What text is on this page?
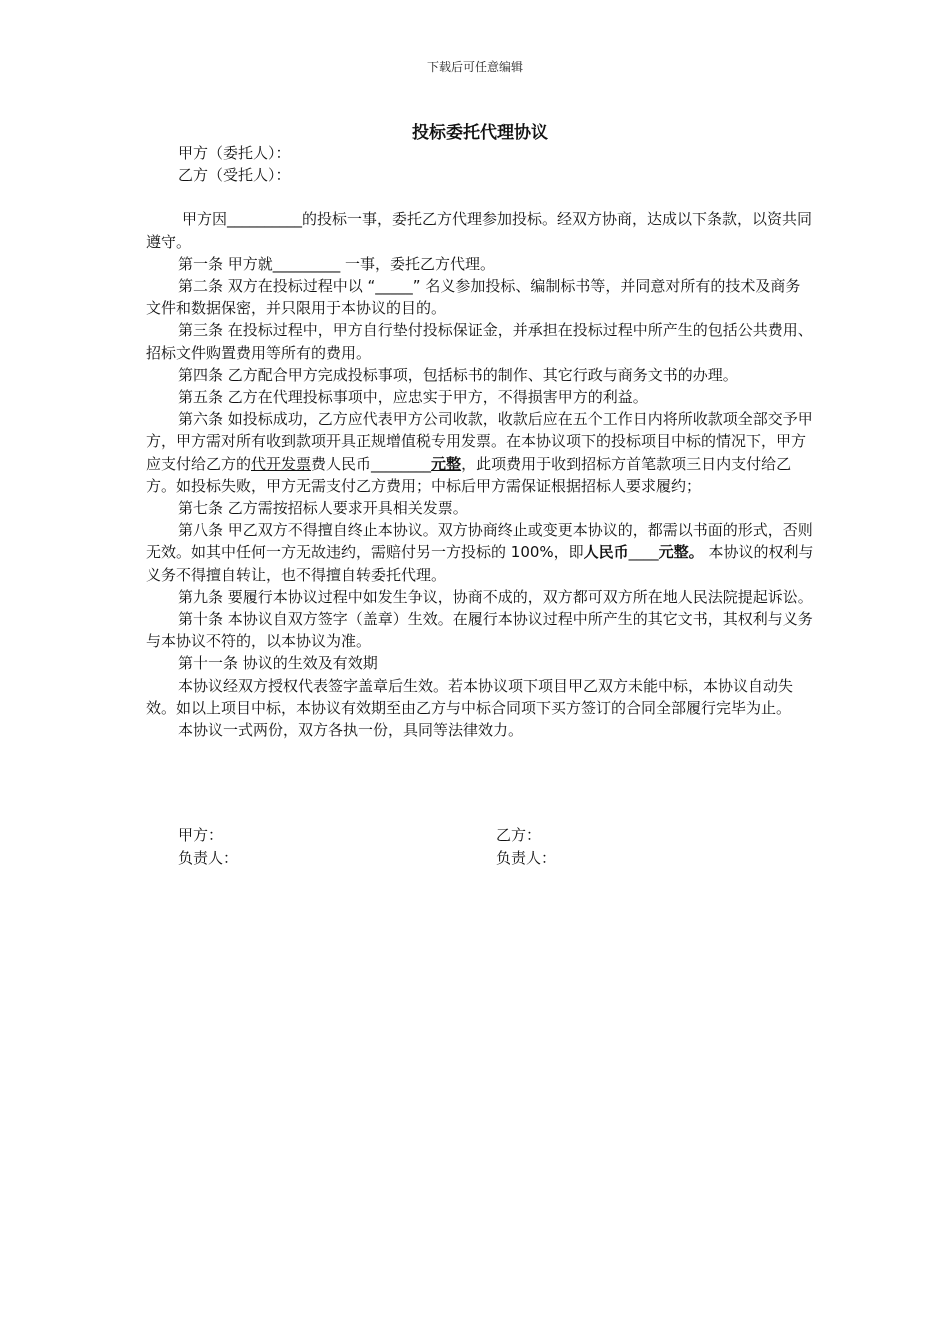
下载后可任意编辑
投标委托代理协议

甲方（委托人）：

乙方（受托人）：

甲方因__________的投标一事，委托乙方代理参加投标。经双方协商，达成以下条款，以资共同遵守。

第一条 甲方就_________ 一事，委托乙方代理。

第二条 双方在投标过程中以 “_____” 名义参加投标、编制标书等，并同意对所有的技术及商务文件和数据保密，并只限用于本协议的目的。

第三条 在投标过程中，甲方自行垫付投标保证金，并承担在投标过程中所产生的包括公共费用、招标文件购置费用等所有的费用。

第四条 乙方配合甲方完成投标事项，包括标书的制作、其它行政与商务文书的办理。

第五条 乙方在代理投标事项中，应忠实于甲方，不得损害甲方的利益。

第六条 如投标成功，乙方应代表甲方公司收款，收款后应在五个工作日内将所收款项全部交予甲方，甲方需对所有收到款项开具正规增值税专用发票。在本协议项下的投标项目中标的情况下，甲方应支付给乙方的代开发票费人民币________元整，此项费用于收到招标方首笔款项三日内支付给乙方。如投标失败，甲方无需支付乙方费用；中标后甲方需保证根据招标人要求履约；

第七条 乙方需按招标人要求开具相关发票。

第八条 甲乙双方不得擅自终止本协议。双方协商终止或变更本协议的，都需以书面的形式，否则无效。如其中任何一方无故违约，需赔付另一方投标的 100%，即人民币____元整。 本协议的权利与义务不得擅自转让，也不得擅自转委托代理。

第九条 要履行本协议过程中如发生争议，协商不成的，双方都可双方所在地人民法院提起诉讼。

第十条 本协议自双方签字（盖章）生效。在履行本协议过程中所产生的其它文书，其权利与义务与本协议不符的，以本协议为准。

第十一条 协议的生效及有效期

本协议经双方授权代表签字盖章后生效。若本协议项下项目甲乙双方未能中标，本协议自动失效。如以上项目中标，本协议有效期至由乙方与中标合同项下买方签订的合同全部履行完毕为止。

本协议一式两份，双方各执一份，具同等法律效力。

甲方：	乙方：
负责人：	负责人：
